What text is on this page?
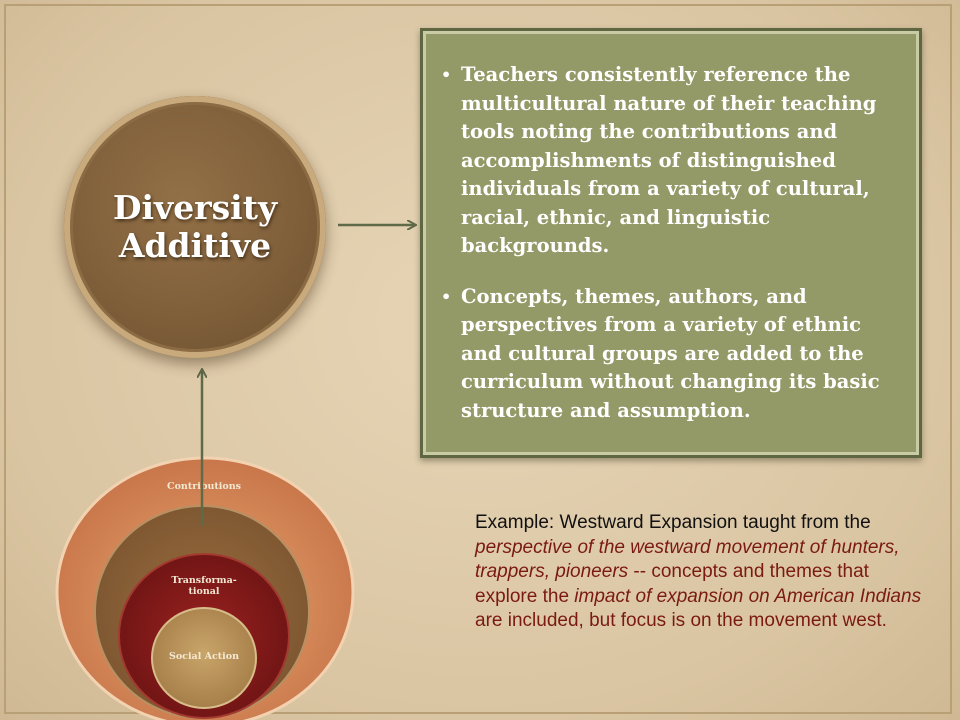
Contributions
Transforma-
tional
Social Action
Diversity
Additive
• Teachers consistently reference the multicultural nature of their teaching tools noting the contributions and accomplishments of distinguished individuals from a variety of cultural, racial, ethnic, and linguistic backgrounds.
• Concepts, themes, authors, and perspectives from a variety of ethnic and cultural groups are added to the curriculum without changing its basic structure and assumption.
Example: Westward Expansion taught from the perspective of the westward movement of hunters, trappers, pioneers -- concepts and themes that explore the impact of expansion on American Indians are included, but focus is on the movement west.
